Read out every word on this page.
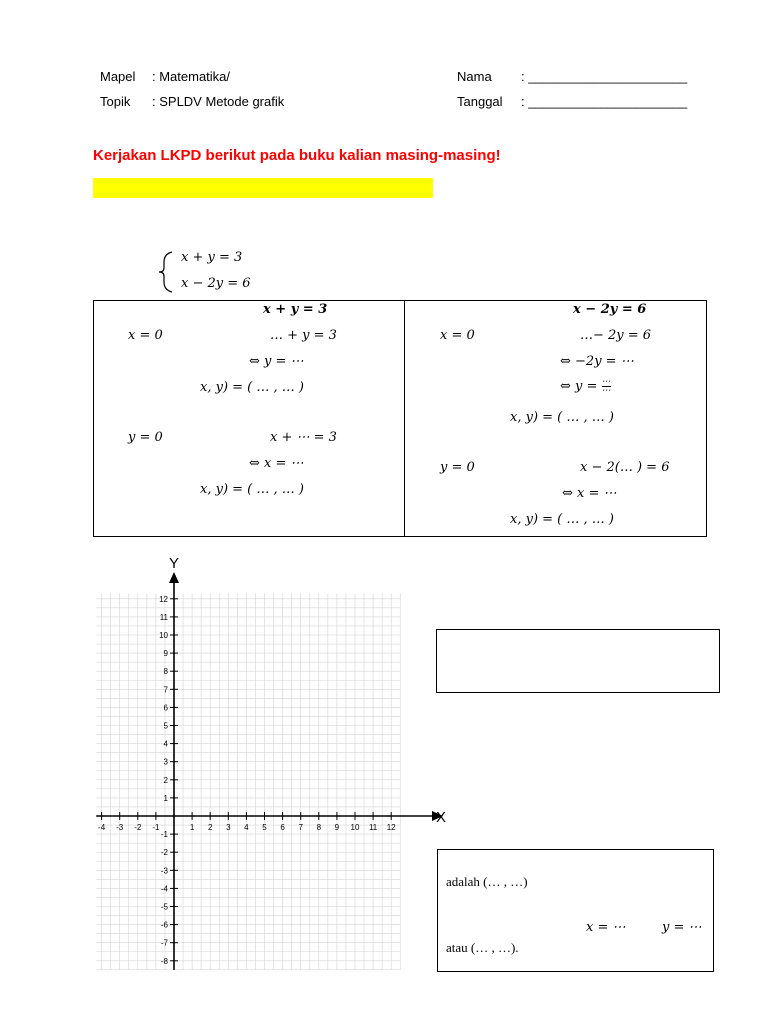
Mapel : Matematika/
Topik : SPLDV Metode grafik
Nama : ______________________
Tanggal : ______________________
Kerjakan LKPD berikut pada buku kalian masing-masing!
x + y = 3
x − 2y = 6
x + y = 3
x = 0	… + y = 3
⇔ y = ⋯
x, y) = ( … , … )
y = 0	x + ⋯ = 3
⇔ x = ⋯
x, y) = ( … , … )
x − 2y = 6
x = 0	…− 2y = 6
⇔ −2y = ⋯
⇔ $y = \frac{\cdots}{\cdots}$
x, y) = ( … , … )
y = 0	x − 2(… ) = 6
⇔ x = ⋯
x, y) = ( … , … )
-4 -3 -2 -1	1 2 3 4 5 6 7 8 9 10 11 12
12
11
10
9
8
7
6
5
4
3
2
1
-1
-2
-3
-4
-5
-6
-7
-8
Y
X
adalah (… , …)
x = ⋯	y = ⋯
atau (… , …).
